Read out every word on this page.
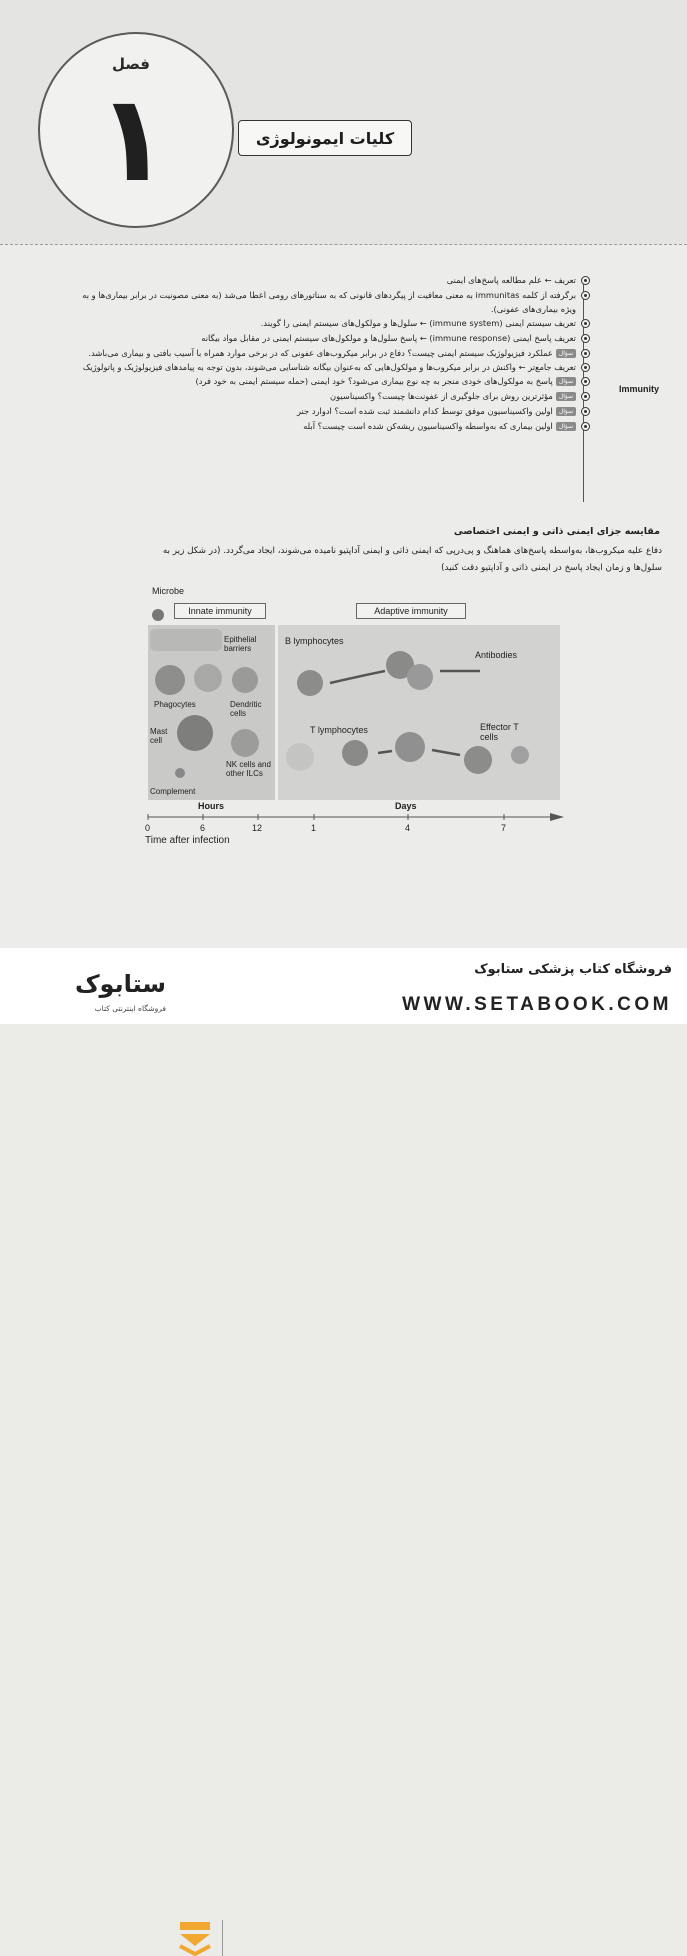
فصل
۱	کلیات ایمونولوژی
Immunity
تعریف ← علم مطالعه پاسخ‌های ایمنی
برگرفته از کلمه immunitas به معنی معافیت از پیگردهای قانونی که به سناتورهای رومی اعطا می‌شد (به معنی مصونیت در برابر بیماری‌ها و به ویژه بیماری‌های عفونی).
تعریف سیستم ایمنی (immune system) ← سلول‌ها و مولکول‌های سیستم ایمنی را گویند.
تعریف پاسخ ایمنی (immune response) ← پاسخ سلول‌ها و مولکول‌های سیستم ایمنی در مقابل مواد بیگانه
سؤالعملکرد فیزیولوژیک سیستم ایمنی چیست؟ دفاع در برابر میکروب‌های عفونی که در برخی موارد همراه با آسیب بافتی و بیماری می‌باشد.
تعریف جامع‌تر ← واکنش در برابر میکروب‌ها و مولکول‌هایی که به‌عنوان بیگانه شناسایی می‌شوند، بدون توجه به پیامدهای فیزیولوژیک و پاتولوژیک
سؤالپاسخ به مولکول‌های خودی منجر به چه نوع بیماری می‌شود؟ خود ایمنی (حمله سیستم ایمنی به خود فرد)
سؤالمؤثرترین روش برای جلوگیری از عفونت‌ها چیست؟ واکسیناسیون
سؤالاولین واکسیناسیون موفق توسط کدام دانشمند ثبت شده است؟ ادوارد جنر
سؤالاولین بیماری که به‌واسطه واکسیناسیون ریشه‌کن شده است چیست؟ آبله
مقایسه جزای ایمنی ذاتی و ایمنی اختصاصی
دفاع علیه میکروب‌ها، به‌واسطه پاسخ‌های هماهنگ و پی‌درپی که ایمنی ذاتی و ایمنی آداپتیو نامیده می‌شوند، ایجاد می‌گردد. (در شکل زیر به سلول‌ها و زمان ایجاد پاسخ در ایمنی ذاتی و آداپتیو دقت کنید)
Microbe
Innate immunity	Adaptive immunity
Epithelial barriers
Phagocytes	Dendritic cells
Mast cell
NK cells and other ILCs
Complement
B lymphocytes
T lymphocytes
Antibodies
Effector T cells
Hours	Days
0	6	12	1	4	7
Time after infection
ستابوک
فروشگاه اینترنتی کتاب
فروشگاه کتاب پزشکی ستابوک
WWW.SETABOOK.COM
